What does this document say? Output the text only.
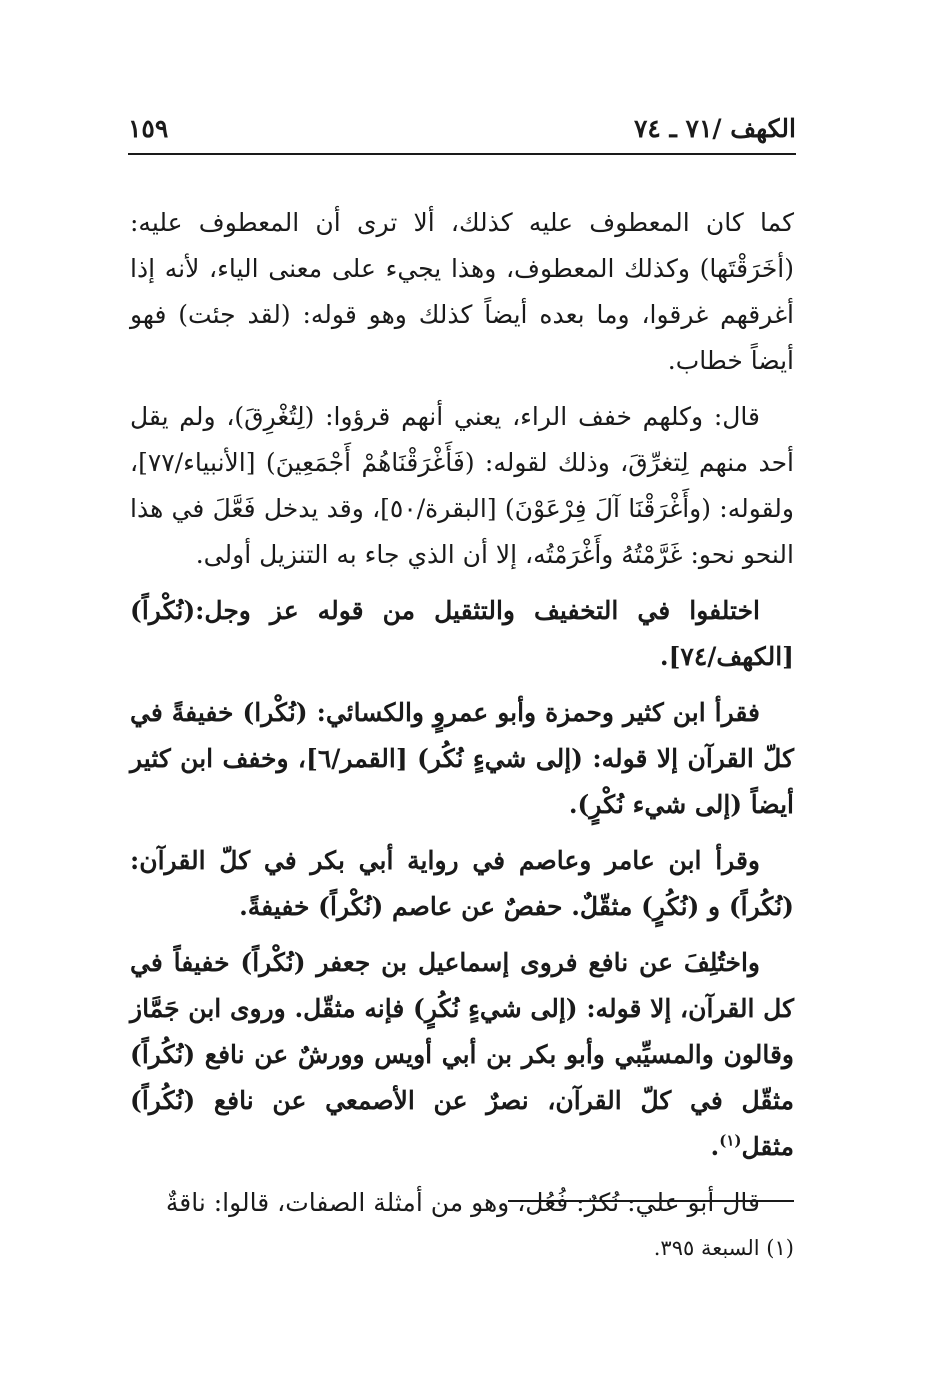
الكهف /٧١ ـ ٧٤
١٥٩

كما كان المعطوف عليه كذلك، ألا ترى أن المعطوف عليه: (أخَرَقْتَها) وكذلك المعطوف، وهذا يجيء على معنى الياء، لأنه إذا أغرقهم غرقوا، وما بعده أيضاً كذلك وهو قوله: (لقد جئت) فهو أيضاً خطاب.

قال: وكلهم خفف الراء، يعني أنهم قرؤوا: (لِتُغْرِقَ)، ولم يقل أحد منهم لِتغرِّقَ، وذلك لقوله: (فَأَغْرَقْنَاهُمْ أَجْمَعِينَ) [الأنبياء/٧٧]، ولقوله: (وأَغْرَقْنَا آلَ فِرْعَوْنَ) [البقرة/٥٠]، وقد يدخل فَعَّلَ في هذا النحو نحو: غَرَّمْتُهُ وأَغْرَمْتُه، إلا أن الذي جاء به التنزيل أولى.

اختلفوا في التخفيف والتثقيل من قوله عز وجل:(نُكْراً) [الكهف/٧٤].

فقرأ ابن كثير وحمزة وأبو عمروٍ والكسائي: (نُكْرا) خفيفةً في كلّ القرآن إلا قوله: (إلى شيءٍ نُكُر) [القمر/٦]، وخفف ابن كثير أيضاً (إلى شيء نُكْرٍ).

وقرأ ابن عامر وعاصم في رواية أبي بكر في كلّ القرآن: (نُكُراً) و (نُكُرٍ) مثقّلٌ. حفصٌ عن عاصم (نُكْراً) خفيفةً.

واختُلِفَ عن نافع فروى إسماعيل بن جعفر (نُكْراً) خفيفاً في كل القرآن، إلا قوله: (إلى شيءٍ نُكُرٍ) فإنه مثقّل. وروى ابن جَمَّاز وقالون والمسيِّبي وأبو بكر بن أبي أويس وورشٌ عن نافع (نُكُراً) مثقّل في كلّ القرآن، نصرٌ عن الأصمعي عن نافع (نُكُراً) مثقل$^{(١)}$.

قال أبو علي: نُكرٌ: فُعُل، وهو من أمثلة الصفات، قالوا: ناقةٌ

(١) السبعة ٣٩٥.
